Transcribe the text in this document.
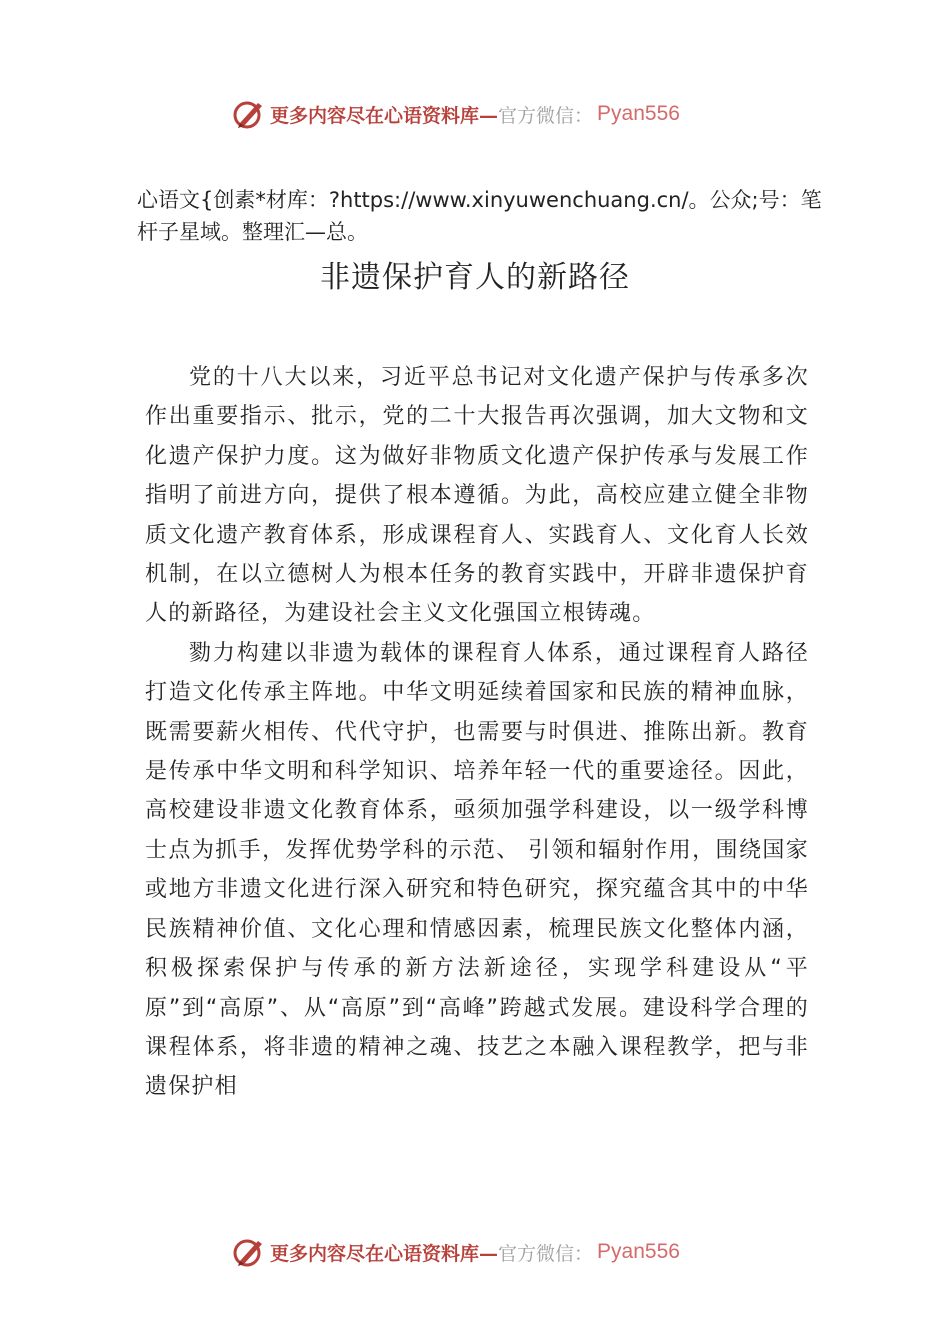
更多内容尽在心语资料库— 官方微信： Pyan556
心语文{创素*材库：?https://www.xinyuwenchuang.cn/。公众;号：笔杆子星域。整理汇—总。
非遗保护育人的新路径

党的十八大以来，习近平总书记对文化遗产保护与传承多次作出重要指示、批示，党的二十大报告再次强调，加大文物和文化遗产保护力度。这为做好非物质文化遗产保护传承与发展工作指明了前进方向，提供了根本遵循。为此，高校应建立健全非物质文化遗产教育体系，形成课程育人、实践育人、文化育人长效机制，在以立德树人为根本任务的教育实践中，开辟非遗保护育人的新路径，为建设社会主义文化强国立根铸魂。

勠力构建以非遗为载体的课程育人体系，通过课程育人路径打造文化传承主阵地。中华文明延续着国家和民族的精神血脉，既需要薪火相传、代代守护，也需要与时俱进、推陈出新。教育是传承中华文明和科学知识、培养年轻一代的重要途径。因此，高校建设非遗文化教育体系，亟须加强学科建设，以一级学科博士点为抓手，发挥优势学科的示范、 引领和辐射作用，围绕国家或地方非遗文化进行深入研究和特色研究，探究蕴含其中的中华民族精神价值、文化心理和情感因素，梳理民族文化整体内涵，积极探索保护与传承的新方法新途径，实现学科建设从“平原”到“高原”、从“高原”到“高峰”跨越式发展。建设科学合理的课程体系，将非遗的精神之魂、技艺之本融入课程教学，把与非遗保护相

更多内容尽在心语资料库— 官方微信： Pyan556
